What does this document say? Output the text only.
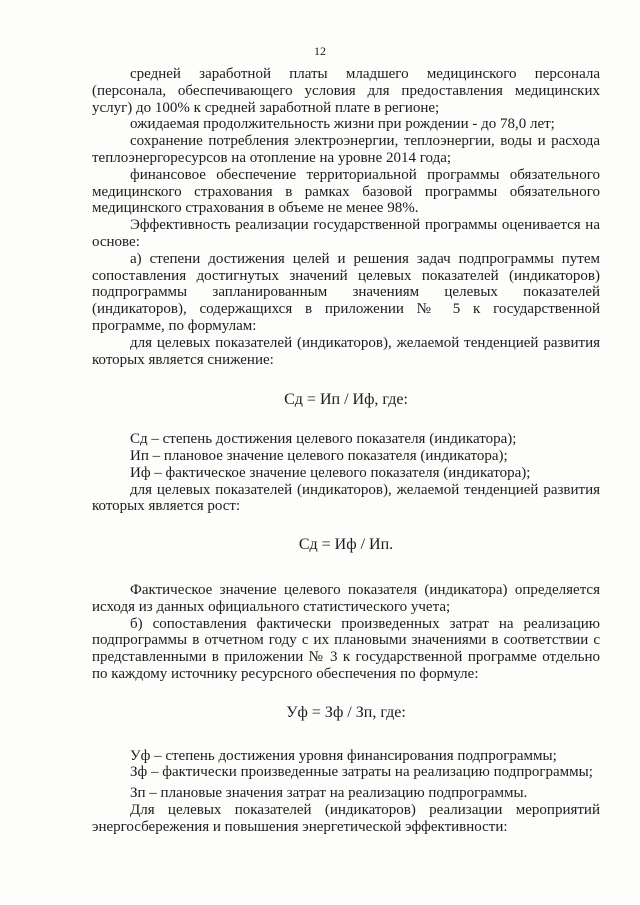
12

средней заработной платы младшего медицинского персонала (персонала, обеспечивающего условия для предоставления медицинских услуг) до 100% к средней заработной плате в регионе;

ожидаемая продолжительность жизни при рождении - до 78,0 лет;

сохранение потребления электроэнергии, теплоэнергии, воды и расхода теплоэнергоресурсов на отопление на уровне 2014 года;

финансовое обеспечение территориальной программы обязательного медицинского страхования в рамках базовой программы обязательного медицинского страхования в объеме не менее 98%.

Эффективность реализации государственной программы оценивается на основе:

а) степени достижения целей и решения задач подпрограммы путем сопоставления достигнутых значений целевых показателей (индикаторов) подпрограммы запланированным значениям целевых показателей (индикаторов), содержащихся в приложении № 5 к государственной программе, по формулам:

для целевых показателей (индикаторов), желаемой тенденцией развития которых является снижение:

Сд = Ип / Иф, где:

Сд – степень достижения целевого показателя (индикатора);

Ип – плановое значение целевого показателя (индикатора);

Иф – фактическое значение целевого показателя (индикатора);

для целевых показателей (индикаторов), желаемой тенденцией развития которых является рост:

Сд = Иф / Ип.

Фактическое значение целевого показателя (индикатора) определяется исходя из данных официального статистического учета;

б) сопоставления фактически произведенных затрат на реализацию подпрограммы в отчетном году с их плановыми значениями в соответствии с представленными в приложении № 3 к государственной программе отдельно по каждому источнику ресурсного обеспечения по формуле:

Уф = Зф / Зп, где:

Уф – степень достижения уровня финансирования подпрограммы;

Зф – фактически произведенные затраты на реализацию подпрограммы;

Зп – плановые значения затрат на реализацию подпрограммы.

Для целевых показателей (индикаторов) реализации мероприятий энергосбережения и повышения энергетической эффективности:
